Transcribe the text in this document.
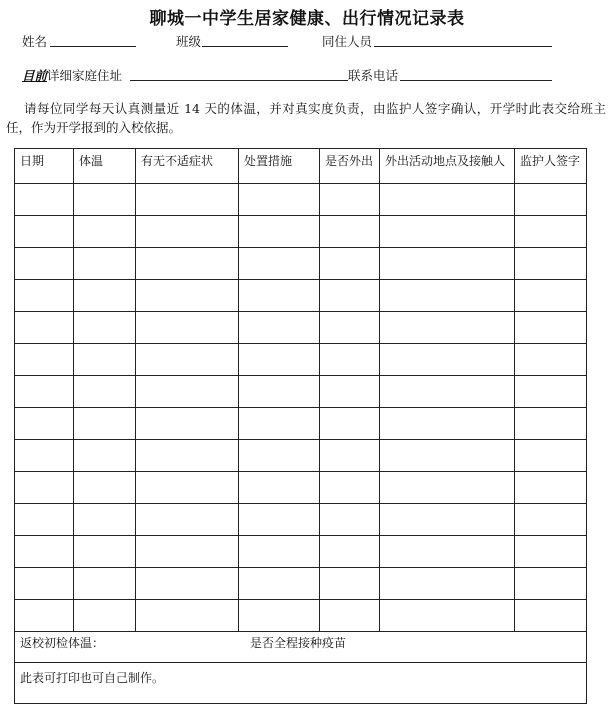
聊城一中学生居家健康、出行情况记录表
姓名	班级	同住人员
目前详细家庭住址	联系电话
请每位同学每天认真测量近 14 天的体温，并对真实度负责，由监护人签字确认，开学时此表交给班主任，作为开学报到的入校依据。
日期	体温	有无不适症状	处置措施	是否外出	外出活动地点及接触人	监护人签字

返校初检体温： 是否全程接种疫苗						
此表可打印也可自己制作。						
